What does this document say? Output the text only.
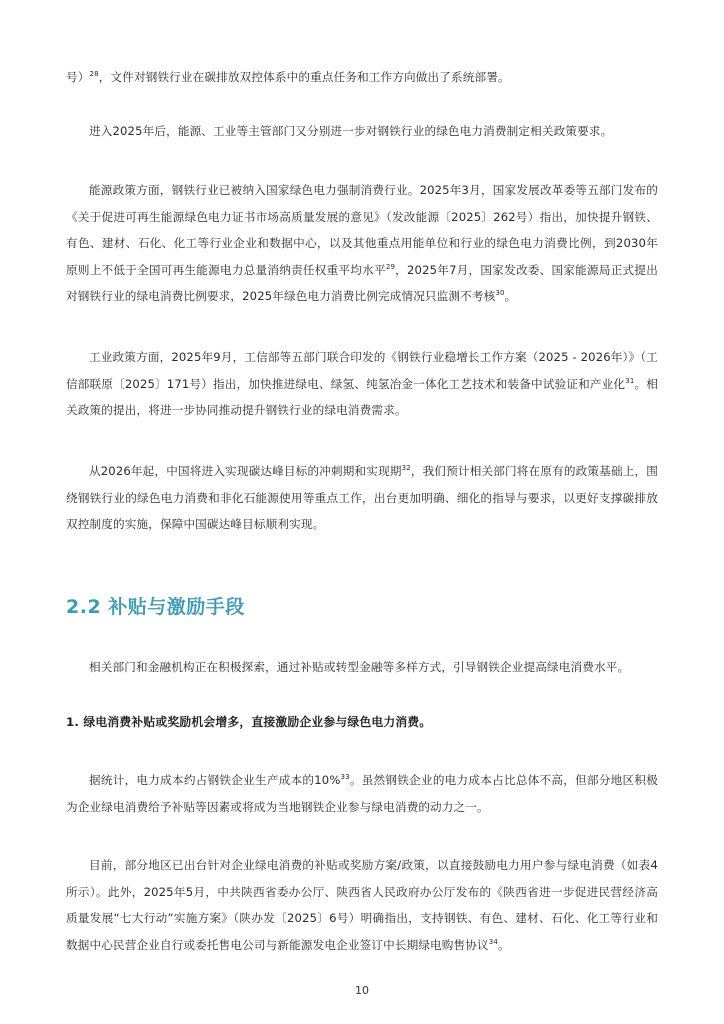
号）$^{28}$，文件对钢铁行业在碳排放双控体系中的重点任务和工作方向做出了系统部署。

进入2025年后，能源、工业等主管部门又分别进一步对钢铁行业的绿色电力消费制定相关政策要求。

能源政策方面，钢铁行业已被纳入国家绿色电力强制消费行业。2025年3月，国家发展改革委等五部门发布的《关于促进可再生能源绿色电力证书市场高质量发展的意见》（发改能源〔2025〕262号）指出，加快提升钢铁、有色、建材、石化、化工等行业企业和数据中心，以及其他重点用能单位和行业的绿色电力消费比例，到2030年原则上不低于全国可再生能源电力总量消纳责任权重平均水平$^{29}$，2025年7月，国家发改委、国家能源局正式提出对钢铁行业的绿电消费比例要求，2025年绿色电力消费比例完成情况只监测不考核$^{30}$。

工业政策方面，2025年9月，工信部等五部门联合印发的《钢铁行业稳增长工作方案（2025 - 2026年）》（工信部联原〔2025〕171号）指出，加快推进绿电、绿氢、纯氢冶金一体化工艺技术和装备中试验证和产业化$^{31}$。相关政策的提出，将进一步协同推动提升钢铁行业的绿电消费需求。

从2026年起，中国将进入实现碳达峰目标的冲刺期和实现期$^{32}$，我们预计相关部门将在原有的政策基础上，围绕钢铁行业的绿色电力消费和非化石能源使用等重点工作，出台更加明确、细化的指导与要求，以更好支撑碳排放双控制度的实施，保障中国碳达峰目标顺利实现。

2.2 补贴与激励手段

相关部门和金融机构正在积极探索，通过补贴或转型金融等多样方式，引导钢铁企业提高绿电消费水平。

1. 绿电消费补贴或奖励机会增多，直接激励企业参与绿色电力消费。

据统计，电力成本约占钢铁企业生产成本的10%$^{33}$。虽然钢铁企业的电力成本占比总体不高，但部分地区积极为企业绿电消费给予补贴等因素或将成为当地钢铁企业参与绿电消费的动力之一。

目前，部分地区已出台针对企业绿电消费的补贴或奖励方案/政策，以直接鼓励电力用户参与绿电消费（如表4所示）。此外，2025年5月，中共陕西省委办公厅、陕西省人民政府办公厅发布的《陕西省进一步促进民营经济高质量发展“七大行动”实施方案》（陕办发〔2025〕6号）明确指出，支持钢铁、有色、建材、石化、化工等行业和数据中心民营企业自行或委托售电公司与新能源发电企业签订中长期绿电购售协议$^{34}$。

10
